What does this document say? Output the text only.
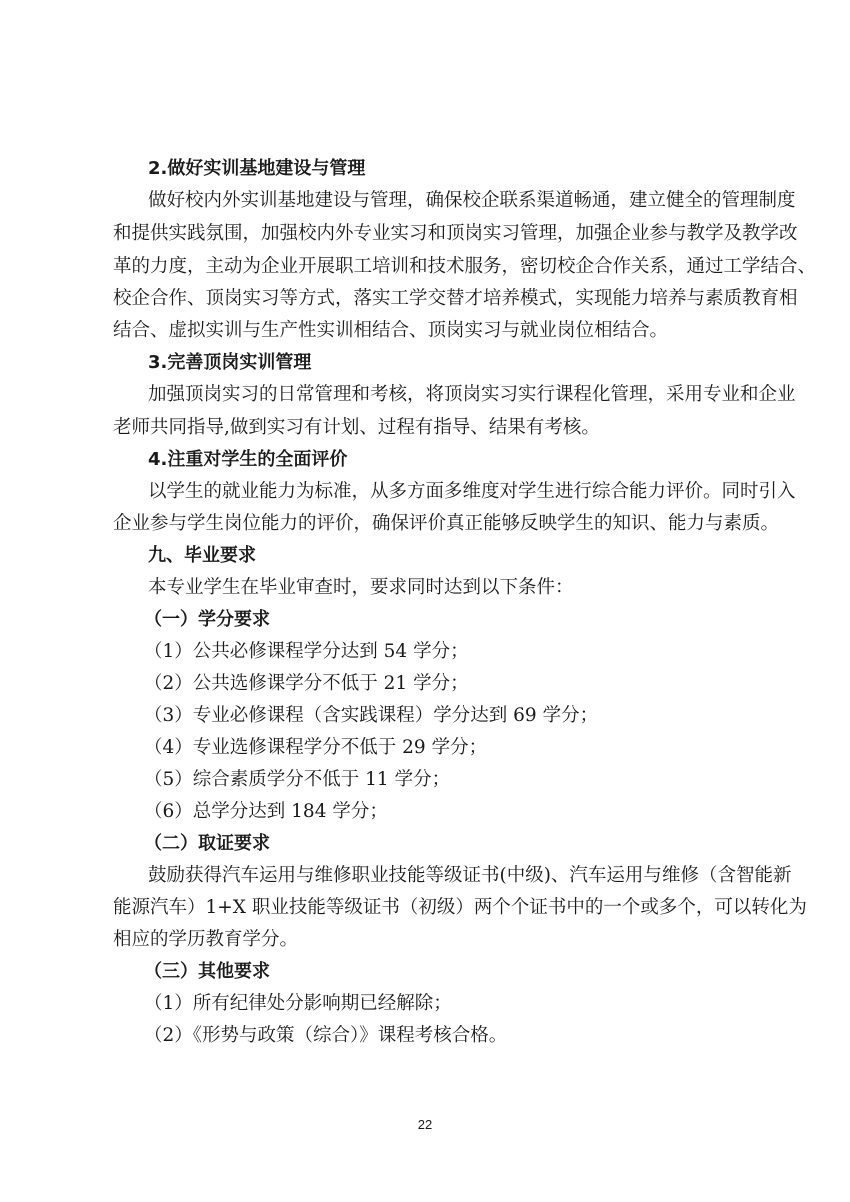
2.做好实训基地建设与管理
做好校内外实训基地建设与管理，确保校企联系渠道畅通，建立健全的管理制度
和提供实践氛围，加强校内外专业实习和顶岗实习管理，加强企业参与教学及教学改
革的力度，主动为企业开展职工培训和技术服务，密切校企合作关系，通过工学结合、
校企合作、顶岗实习等方式，落实工学交替才培养模式，实现能力培养与素质教育相
结合、虚拟实训与生产性实训相结合、顶岗实习与就业岗位相结合。
3.完善顶岗实训管理
加强顶岗实习的日常管理和考核，将顶岗实习实行课程化管理，采用专业和企业
老师共同指导,做到实习有计划、过程有指导、结果有考核。
4.注重对学生的全面评价
以学生的就业能力为标准，从多方面多维度对学生进行综合能力评价。同时引入
企业参与学生岗位能力的评价，确保评价真正能够反映学生的知识、能力与素质。
九、毕业要求
本专业学生在毕业审查时，要求同时达到以下条件：
（一）学分要求
（1）公共必修课程学分达到 54 学分；
（2）公共选修课学分不低于 21 学分；
（3）专业必修课程（含实践课程）学分达到 69 学分；
（4）专业选修课程学分不低于 29 学分；
（5）综合素质学分不低于 11 学分；
（6）总学分达到 184 学分；
（二）取证要求
鼓励获得汽车运用与维修职业技能等级证书(中级)、汽车运用与维修（含智能新
能源汽车）1+X 职业技能等级证书（初级）两个个证书中的一个或多个，可以转化为
相应的学历教育学分。
（三）其他要求
（1）所有纪律处分影响期已经解除；
（2）《形势与政策（综合）》课程考核合格。
22
